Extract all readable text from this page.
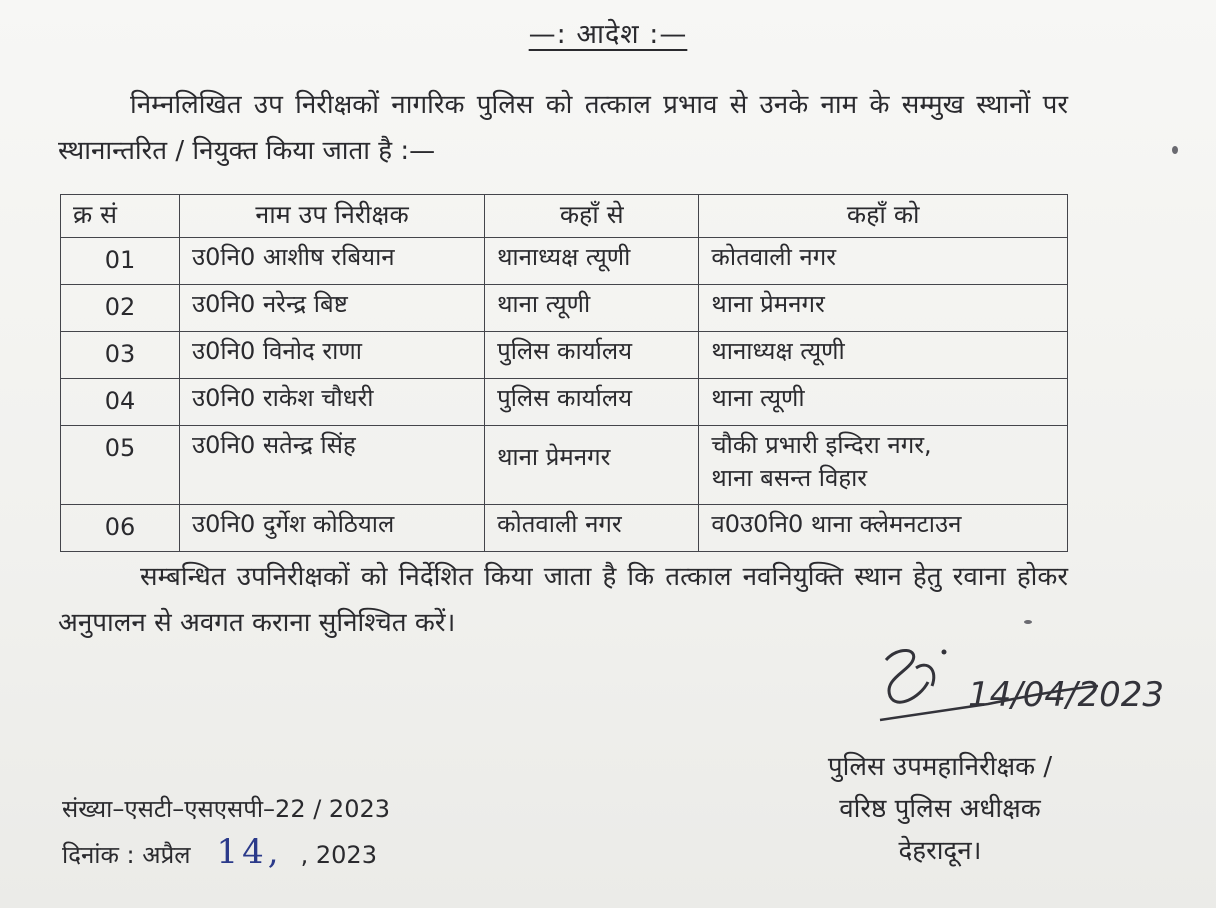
—: आदेश :—
निम्नलिखित उप निरीक्षकों नागरिक पुलिस को तत्काल प्रभाव से उनके नाम के सम्मुख स्थानों पर स्थानान्तरित / नियुक्त किया जाता है :—
क्र सं	नाम उप निरीक्षक	कहाँ से	कहाँ को
01	उ0नि0 आशीष रबियान	थानाध्यक्ष त्यूणी	कोतवाली नगर
02	उ0नि0 नरेन्द्र बिष्ट	थाना त्यूणी	थाना प्रेमनगर
03	उ0नि0 विनोद राणा	पुलिस कार्यालय	थानाध्यक्ष त्यूणी
04	उ0नि0 राकेश चौधरी	पुलिस कार्यालय	थाना त्यूणी
05	उ0नि0 सतेन्द्र सिंह	थाना प्रेमनगर	चौकी प्रभारी इन्दिरा नगर,
थाना बसन्त विहार

06	उ0नि0 दुर्गेश कोठियाल	कोतवाली नगर	व0उ0नि0 थाना क्लेमनटाउन
सम्बन्धित उपनिरीक्षकों को निर्देशित किया जाता है कि तत्काल नवनियुक्ति स्थान हेतु रवाना होकर अनुपालन से अवगत कराना सुनिश्चित करें।
14/04/2023
पुलिस उपमहानिरीक्षक /
वरिष्ठ पुलिस अधीक्षक
देहरादून।
संख्या–एसटी–एसएसपी–22 / 2023
दिनांक : अप्रैल 14, , 2023
